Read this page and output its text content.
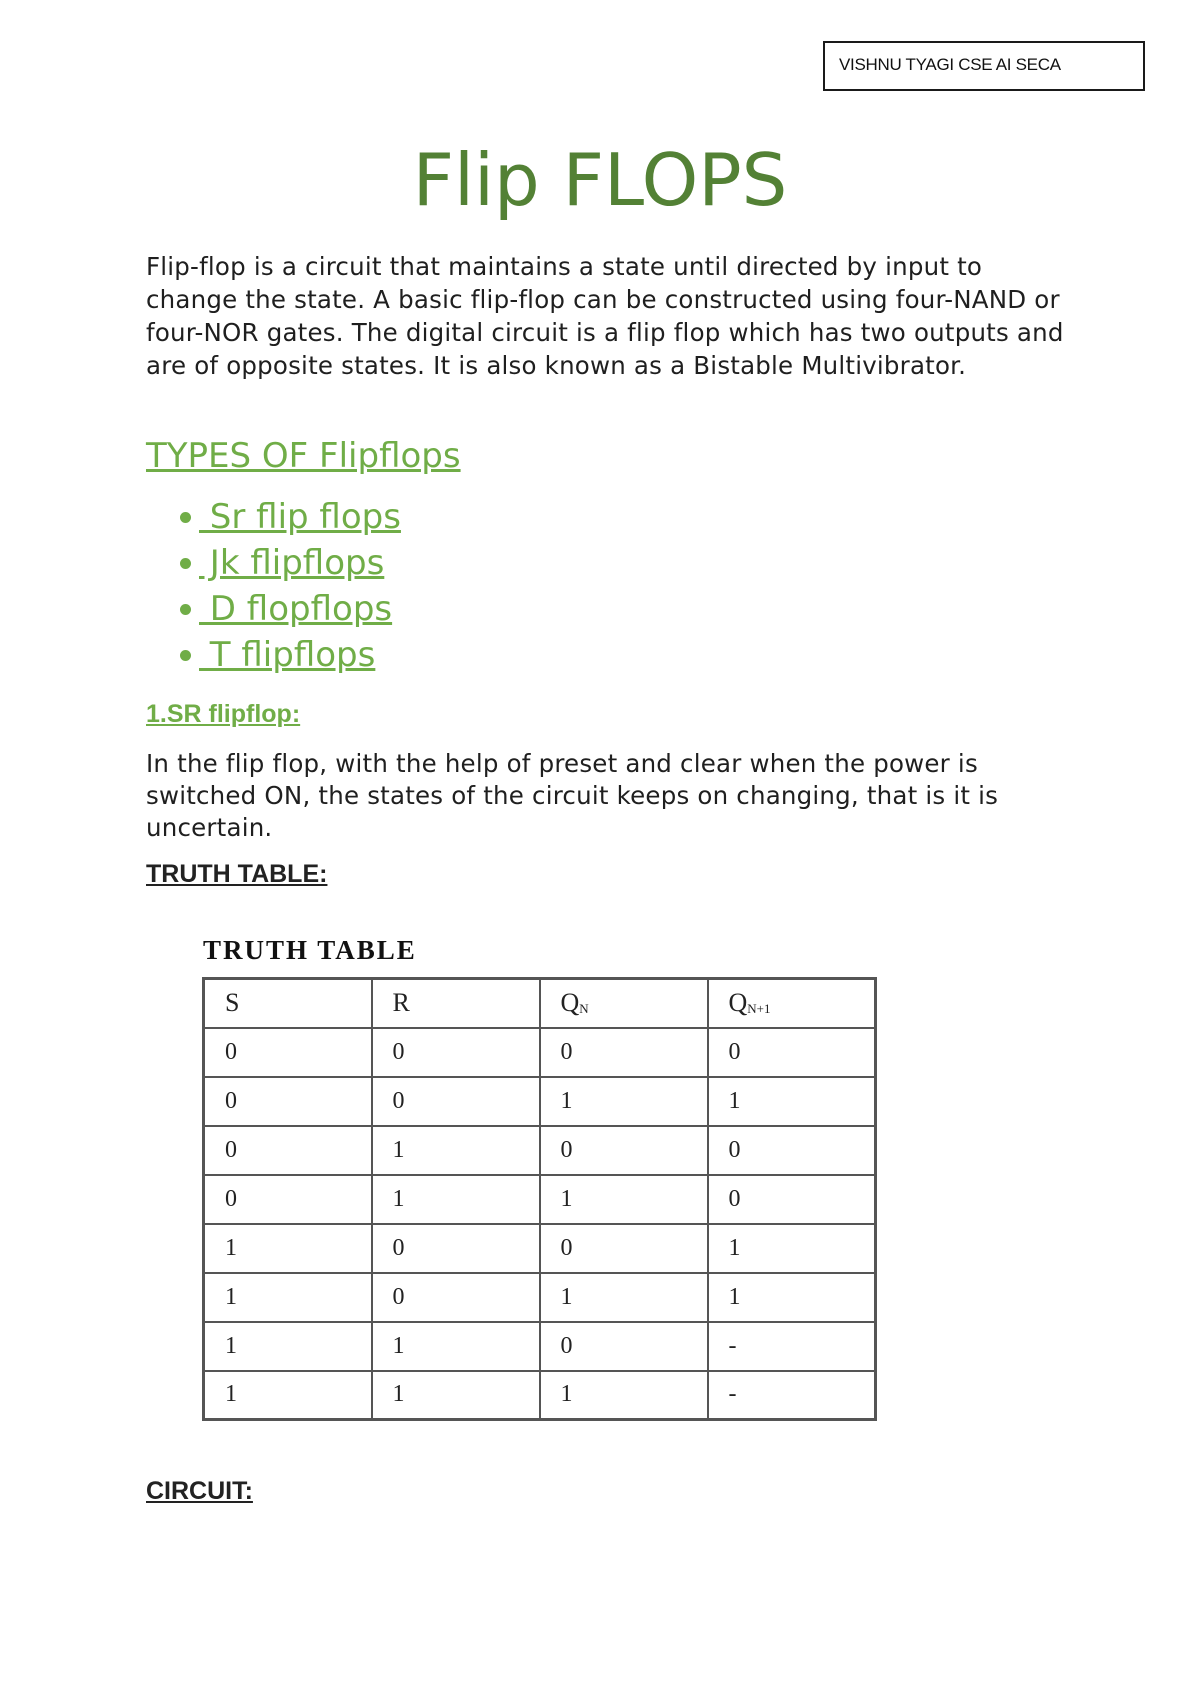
VISHNU TYAGI CSE AI SECA
Flip FLOPS

Flip-flop is a circuit that maintains a state until directed by input to change the state. A basic flip-flop can be constructed using four-NAND or four-NOR gates. The digital circuit is a flip flop which has two outputs and are of opposite states. It is also known as a Bistable Multivibrator.

TYPES OF Flipflops
Sr flip flops
Jk flipflops
D flopflops
T flipflops
1.SR flipflop:

In the flip flop, with the help of preset and clear when the power is switched ON, the states of the circuit keeps on changing, that is it is uncertain.

TRUTH TABLE:
TRUTH TABLE
S	R	$Q_N$	$Q_{N+1}$
0	0	0	0
0	0	1	1
0	1	0	0
0	1	1	0
1	0	0	1
1	0	1	1
1	1	0	-
1	1	1	-
CIRCUIT:
